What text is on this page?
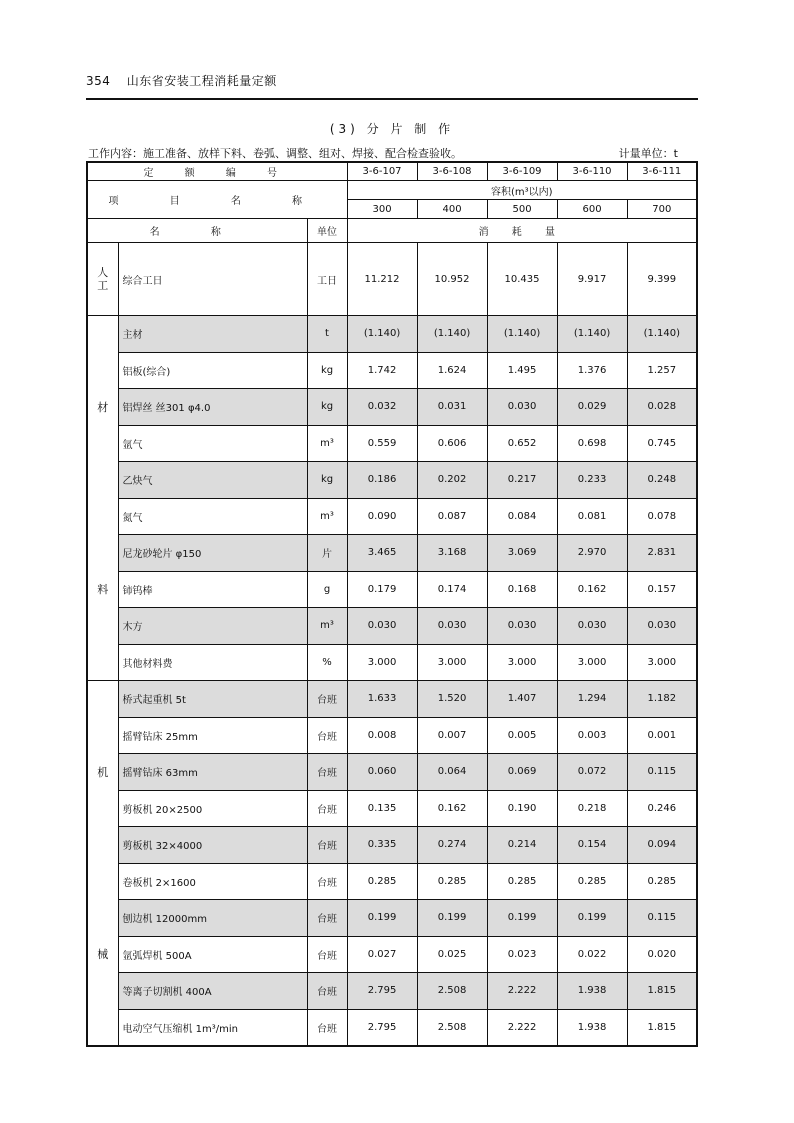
354 山东省安装工程消耗量定额
(3) 分 片 制 作
工作内容：施工准备、放样下料、卷弧、调整、组对、焊接、配合检查验收。	计量单位：t
定 额 编 号			3-6-107	3-6-108	3-6-109	3-6-110	3-6-111
项 目 名 称			容积(m³以内)				
			300	400	500	600	700
名 称		单位	消 耗 量				

人
工	综合工日	工日	11.212	10.952	10.435	9.917	9.399

材
料	主材	t	(1.140)	(1.140)	(1.140)	(1.140)	(1.140)
	铝板(综合)	kg	1.742	1.624	1.495	1.376	1.257
	铝焊丝 丝301 φ4.0	kg	0.032	0.031	0.030	0.029	0.028
	氩气	m³	0.559	0.606	0.652	0.698	0.745
	乙炔气	kg	0.186	0.202	0.217	0.233	0.248
	氮气	m³	0.090	0.087	0.084	0.081	0.078
	尼龙砂轮片 φ150	片	3.465	3.168	3.069	2.970	2.831
	铈钨棒	g	0.179	0.174	0.168	0.162	0.157
	木方	m³	0.030	0.030	0.030	0.030	0.030
	其他材料费	%	3.000	3.000	3.000	3.000	3.000

机
械	桥式起重机 5t	台班	1.633	1.520	1.407	1.294	1.182
	摇臂钻床 25mm	台班	0.008	0.007	0.005	0.003	0.001
	摇臂钻床 63mm	台班	0.060	0.064	0.069	0.072	0.115
	剪板机 20×2500	台班	0.135	0.162	0.190	0.218	0.246
	剪板机 32×4000	台班	0.335	0.274	0.214	0.154	0.094
	卷板机 2×1600	台班	0.285	0.285	0.285	0.285	0.285
	刨边机 12000mm	台班	0.199	0.199	0.199	0.199	0.115
	氩弧焊机 500A	台班	0.027	0.025	0.023	0.022	0.020
	等离子切割机 400A	台班	2.795	2.508	2.222	1.938	1.815
	电动空气压缩机 1m³/min	台班	2.795	2.508	2.222	1.938	1.815
